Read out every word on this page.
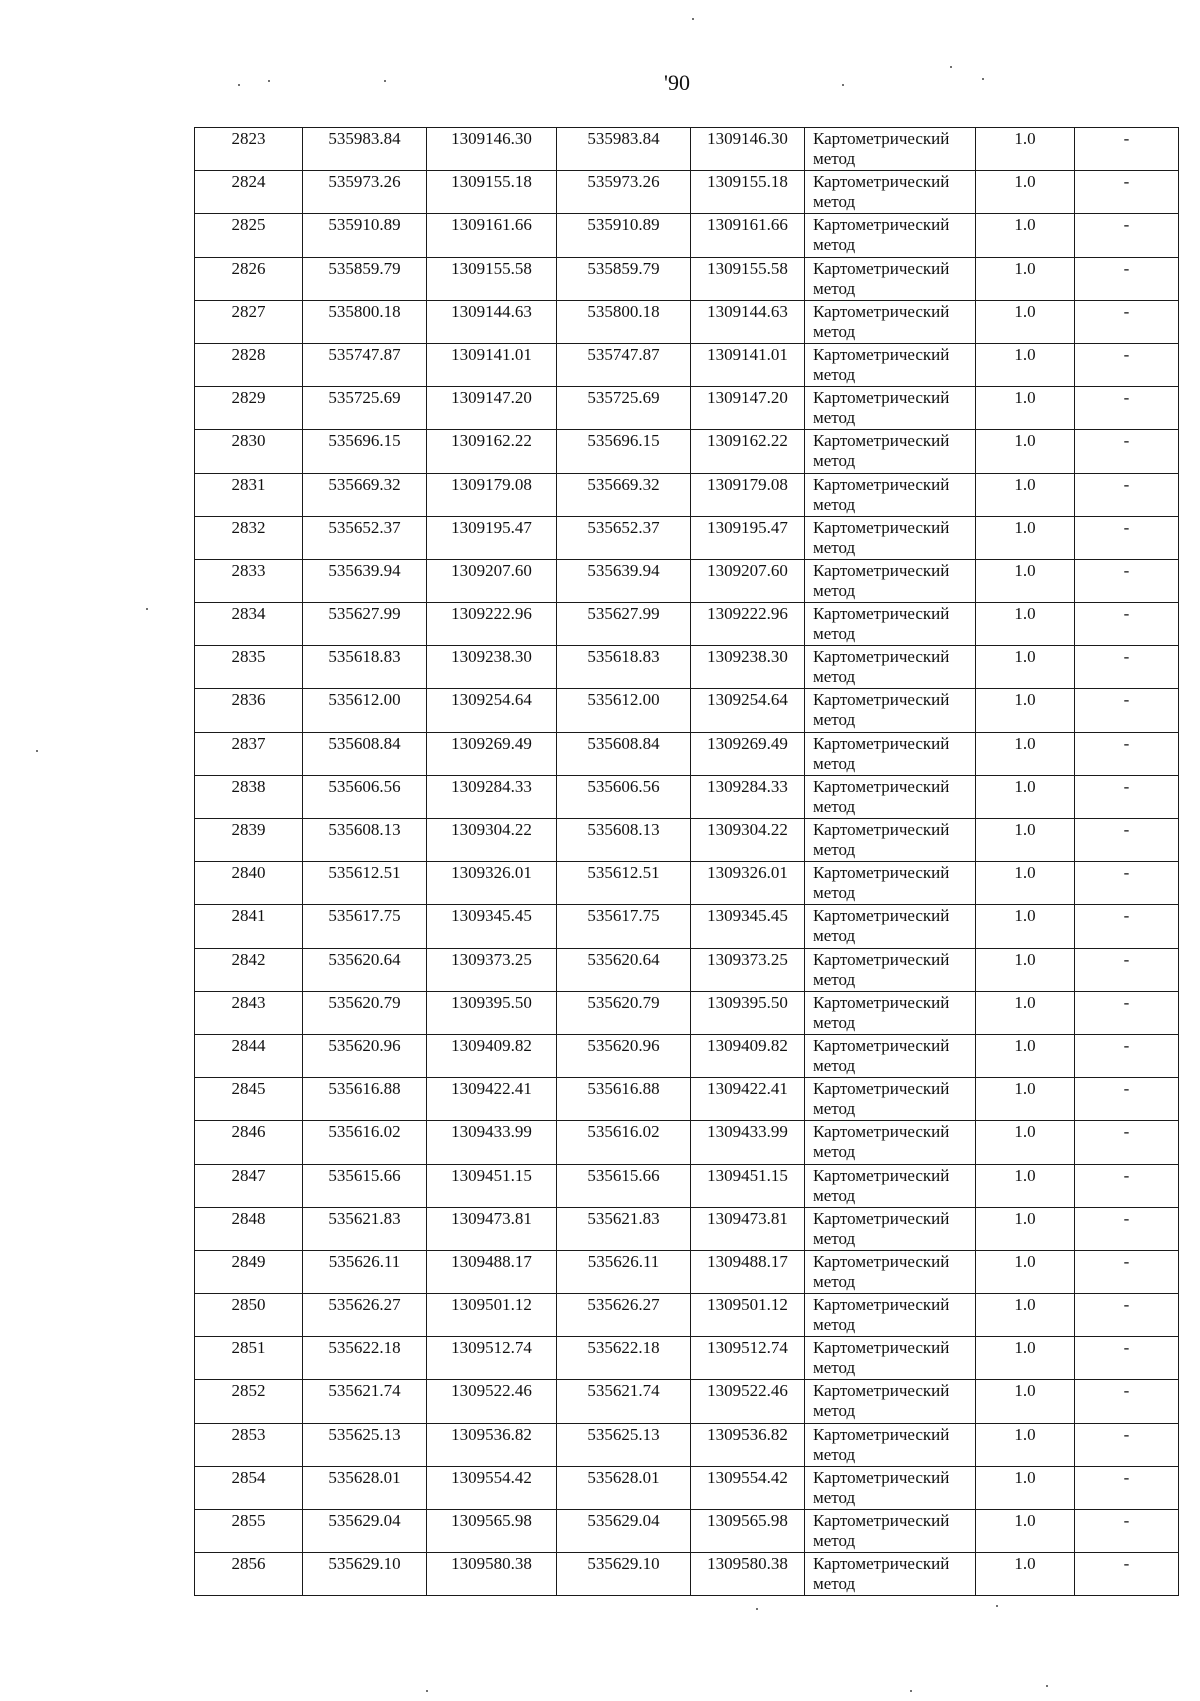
'90
2823	535983.84	1309146.30	535983.84	1309146.30	Картометрический метод	1.0	-
2824	535973.26	1309155.18	535973.26	1309155.18	Картометрический метод	1.0	-
2825	535910.89	1309161.66	535910.89	1309161.66	Картометрический метод	1.0	-
2826	535859.79	1309155.58	535859.79	1309155.58	Картометрический метод	1.0	-
2827	535800.18	1309144.63	535800.18	1309144.63	Картометрический метод	1.0	-
2828	535747.87	1309141.01	535747.87	1309141.01	Картометрический метод	1.0	-
2829	535725.69	1309147.20	535725.69	1309147.20	Картометрический метод	1.0	-
2830	535696.15	1309162.22	535696.15	1309162.22	Картометрический метод	1.0	-
2831	535669.32	1309179.08	535669.32	1309179.08	Картометрический метод	1.0	-
2832	535652.37	1309195.47	535652.37	1309195.47	Картометрический метод	1.0	-
2833	535639.94	1309207.60	535639.94	1309207.60	Картометрический метод	1.0	-
2834	535627.99	1309222.96	535627.99	1309222.96	Картометрический метод	1.0	-
2835	535618.83	1309238.30	535618.83	1309238.30	Картометрический метод	1.0	-
2836	535612.00	1309254.64	535612.00	1309254.64	Картометрический метод	1.0	-
2837	535608.84	1309269.49	535608.84	1309269.49	Картометрический метод	1.0	-
2838	535606.56	1309284.33	535606.56	1309284.33	Картометрический метод	1.0	-
2839	535608.13	1309304.22	535608.13	1309304.22	Картометрический метод	1.0	-
2840	535612.51	1309326.01	535612.51	1309326.01	Картометрический метод	1.0	-
2841	535617.75	1309345.45	535617.75	1309345.45	Картометрический метод	1.0	-
2842	535620.64	1309373.25	535620.64	1309373.25	Картометрический метод	1.0	-
2843	535620.79	1309395.50	535620.79	1309395.50	Картометрический метод	1.0	-
2844	535620.96	1309409.82	535620.96	1309409.82	Картометрический метод	1.0	-
2845	535616.88	1309422.41	535616.88	1309422.41	Картометрический метод	1.0	-
2846	535616.02	1309433.99	535616.02	1309433.99	Картометрический метод	1.0	-
2847	535615.66	1309451.15	535615.66	1309451.15	Картометрический метод	1.0	-
2848	535621.83	1309473.81	535621.83	1309473.81	Картометрический метод	1.0	-
2849	535626.11	1309488.17	535626.11	1309488.17	Картометрический метод	1.0	-
2850	535626.27	1309501.12	535626.27	1309501.12	Картометрический метод	1.0	-
2851	535622.18	1309512.74	535622.18	1309512.74	Картометрический метод	1.0	-
2852	535621.74	1309522.46	535621.74	1309522.46	Картометрический метод	1.0	-
2853	535625.13	1309536.82	535625.13	1309536.82	Картометрический метод	1.0	-
2854	535628.01	1309554.42	535628.01	1309554.42	Картометрический метод	1.0	-
2855	535629.04	1309565.98	535629.04	1309565.98	Картометрический метод	1.0	-
2856	535629.10	1309580.38	535629.10	1309580.38	Картометрический метод	1.0	-
